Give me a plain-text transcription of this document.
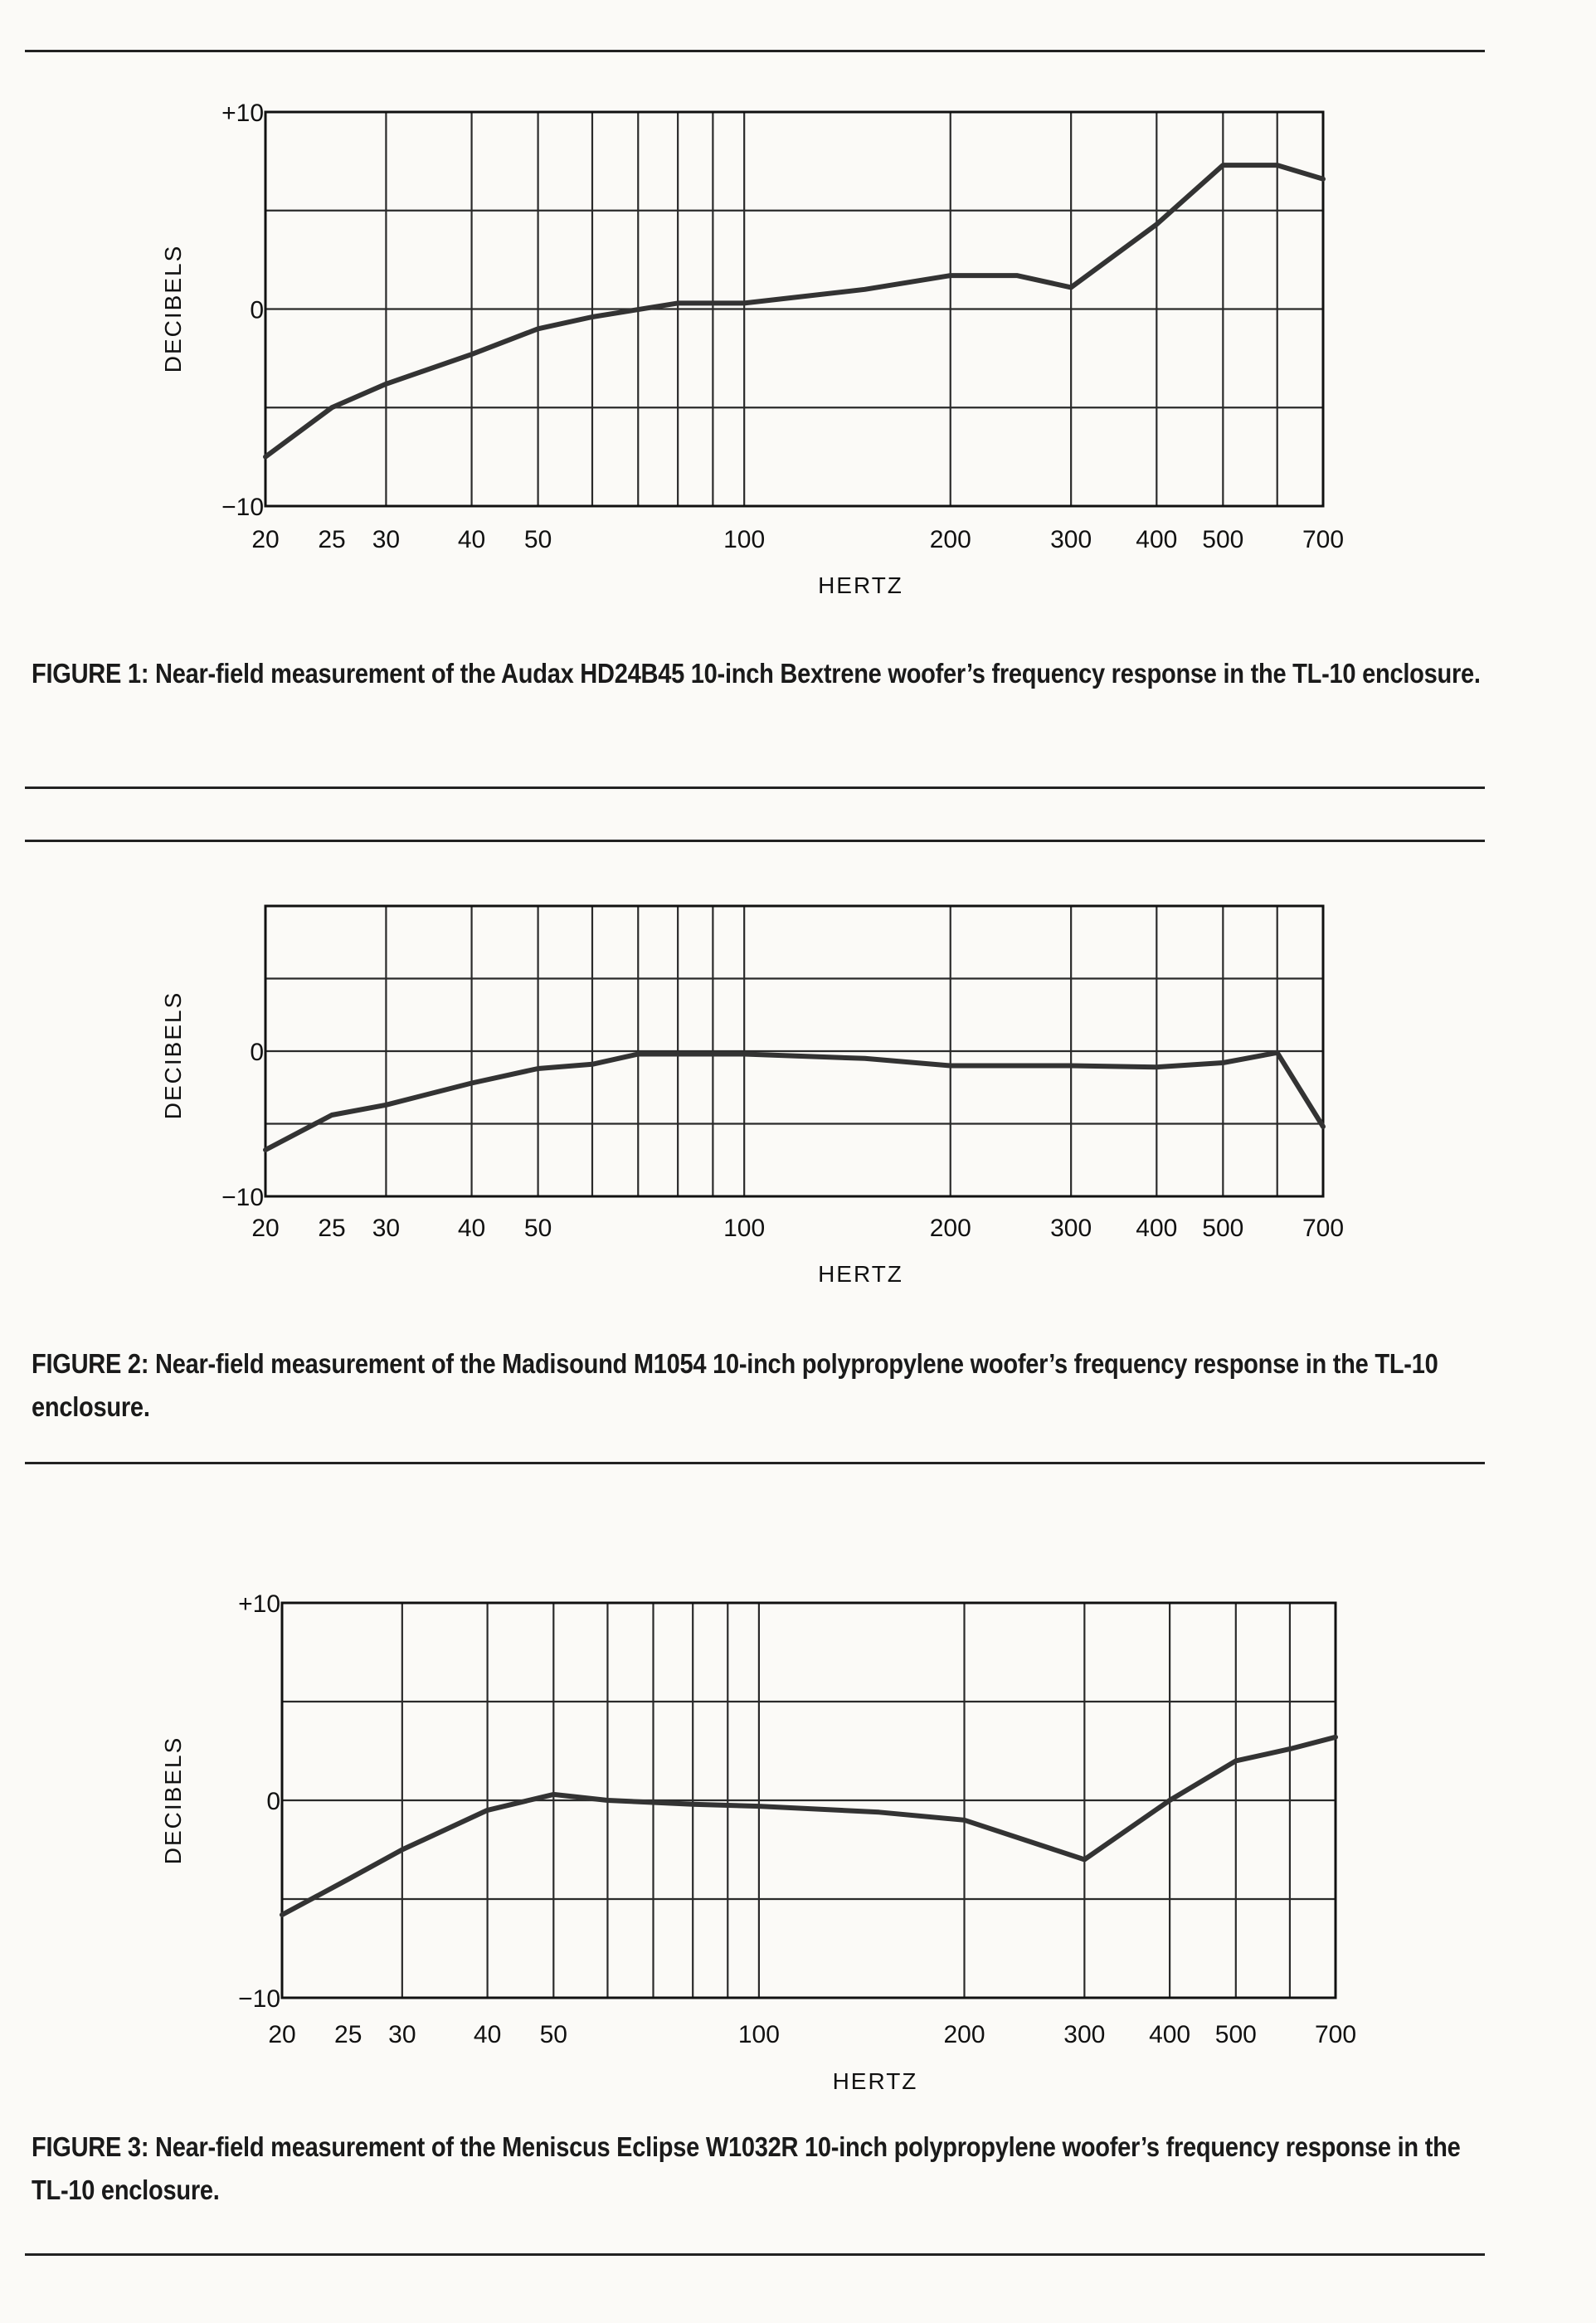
20 25 30 40 50	100	200	300 400 500 700
+10
0
−10
HERTZ
DECIBELS
FIGURE 1: Near-field measurement of the Audax HD24B45 10-inch Bextrene woofer’s frequency response in the TL-10 enclosure.
20 25 30 40 50	100	200	300 400 500 700
0
−10
HERTZ
DECIBELS
FIGURE 2: Near-field measurement of the Madisound M1054 10-inch polypropylene woofer’s frequency response in the TL-10 enclosure.
20 25 30 40 50	100	200	300 400 500 700
+10
0
−10
HERTZ
DECIBELS
FIGURE 3: Near-field measurement of the Meniscus Eclipse W1032R 10-inch polypropylene woofer’s frequency response in the TL-10 enclosure.
